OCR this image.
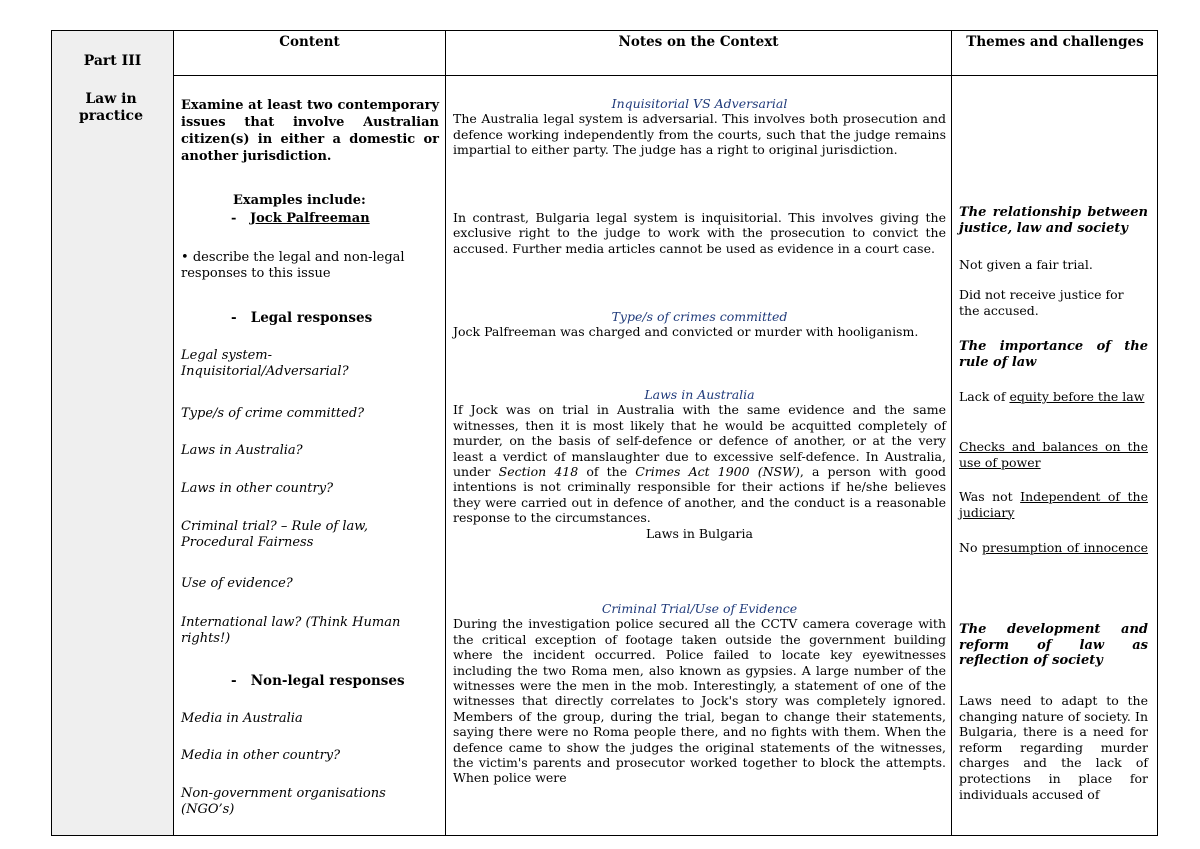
Part III
Content	Notes on the Context	Themes and challenges
Law in practice
Examine at least two contemporary issues that involve Australian citizen(s) in either a domestic or another jurisdiction.
Examples include:
- Jock Palfreeman
• describe the legal and non-legal responses to this issue
- Legal responses
Legal system-Inquisitorial/Adversarial?
Type/s of crime committed?
Laws in Australia?
Laws in other country?
Criminal trial? – Rule of law, Procedural Fairness
Use of evidence?
International law? (Think Human rights!)
- Non-legal responses
Media in Australia
Media in other country?
Non-government organisations (NGO’s)
Inquisitorial VS Adversarial
The Australia legal system is adversarial. This involves both prosecution and defence working independently from the courts, such that the judge remains impartial to either party. The judge has a right to original jurisdiction.
In contrast, Bulgaria legal system is inquisitorial. This involves giving the exclusive right to the judge to work with the prosecution to convict the accused. Further media articles cannot be used as evidence in a court case.
Type/s of crimes committed
Jock Palfreeman was charged and convicted or murder with hooliganism.
Laws in Australia
If Jock was on trial in Australia with the same evidence and the same witnesses, then it is most likely that he would be acquitted completely of murder, on the basis of self-defence or defence of another, or at the very least a verdict of manslaughter due to excessive self-defence. In Australia, under Section 418 of the Crimes Act 1900 (NSW), a person with good intentions is not criminally responsible for their actions if he/she believes they were carried out in defence of another, and the conduct is a reasonable response to the circumstances.
Laws in Bulgaria
Criminal Trial/Use of Evidence
During the investigation police secured all the CCTV camera coverage with the critical exception of footage taken outside the government building where the incident occurred. Police failed to locate key eyewitnesses including the two Roma men, also known as gypsies. A large number of the witnesses were the men in the mob. Interestingly, a statement of one of the witnesses that directly correlates to Jock's story was completely ignored. Members of the group, during the trial, began to change their statements, saying there were no Roma people there, and no fights with them. When the defence came to show the judges the original statements of the witnesses, the victim's parents and prosecutor worked together to block the attempts. When police were
The relationship between justice, law and society
Not given a fair trial.
Did not receive justice for the accused.
The importance of the rule of law
Lack of equity before the law
Checks and balances on the use of power
Was not Independent of the judiciary
No presumption of innocence
The development and reform of law as reflection of society
Laws need to adapt to the changing nature of society. In Bulgaria, there is a need for reform regarding murder charges and the lack of protections in place for individuals accused of
